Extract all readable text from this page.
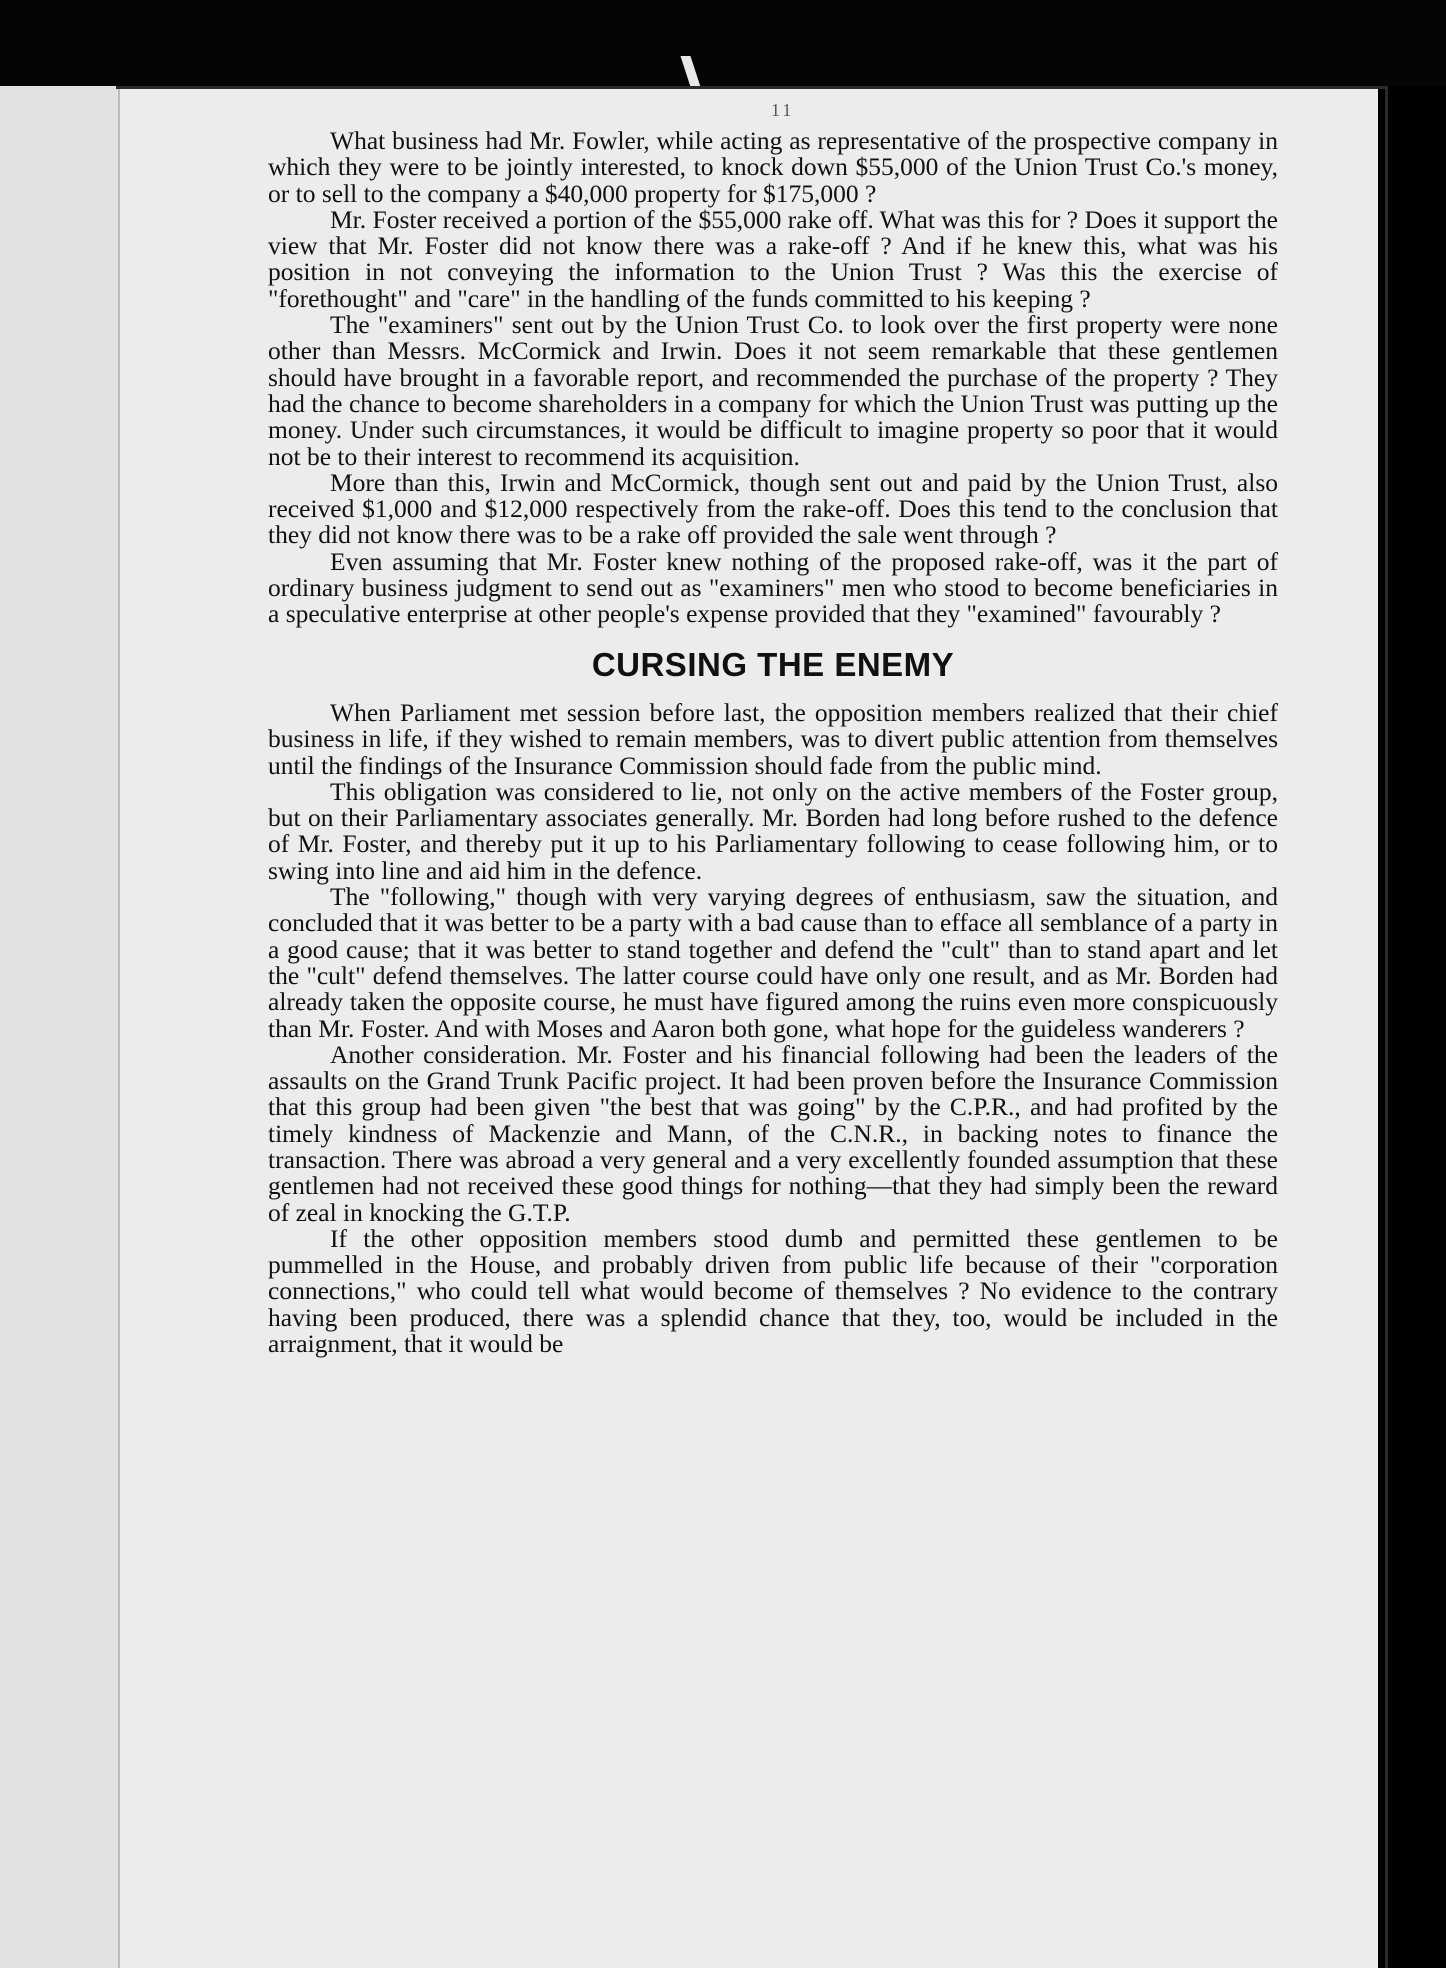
11

What business had Mr. Fowler, while acting as representative of the prospective company in which they were to be jointly interested, to knock down $55,000 of the Union Trust Co.'s money, or to sell to the company a $40,000 property for $175,000 ?

Mr. Foster received a portion of the $55,000 rake off. What was this for ? Does it support the view that Mr. Foster did not know there was a rake-off ? And if he knew this, what was his position in not conveying the information to the Union Trust ? Was this the exercise of "forethought" and "care" in the handling of the funds committed to his keeping ?

The "examiners" sent out by the Union Trust Co. to look over the first property were none other than Messrs. McCormick and Irwin. Does it not seem remarkable that these gentlemen should have brought in a favorable report, and recommended the purchase of the property ? They had the chance to become shareholders in a company for which the Union Trust was putting up the money. Under such circumstances, it would be difficult to imagine property so poor that it would not be to their interest to recommend its acquisition.

More than this, Irwin and McCormick, though sent out and paid by the Union Trust, also received $1,000 and $12,000 respectively from the rake-off. Does this tend to the conclusion that they did not know there was to be a rake off provided the sale went through ?

Even assuming that Mr. Foster knew nothing of the proposed rake-off, was it the part of ordinary business judgment to send out as "examiners" men who stood to become beneficiaries in a speculative enterprise at other people's expense provided that they "examined" favourably ?

CURSING THE ENEMY

When Parliament met session before last, the opposition members realized that their chief business in life, if they wished to remain members, was to divert public attention from themselves until the findings of the Insurance Commission should fade from the public mind.

This obligation was considered to lie, not only on the active members of the Foster group, but on their Parliamentary associates generally. Mr. Borden had long before rushed to the defence of Mr. Foster, and thereby put it up to his Parliamentary following to cease following him, or to swing into line and aid him in the defence.

The "following," though with very varying degrees of enthusiasm, saw the situation, and concluded that it was better to be a party with a bad cause than to efface all semblance of a party in a good cause; that it was better to stand together and defend the "cult" than to stand apart and let the "cult" defend themselves. The latter course could have only one result, and as Mr. Borden had already taken the opposite course, he must have figured among the ruins even more conspicuously than Mr. Foster. And with Moses and Aaron both gone, what hope for the guideless wanderers ?

Another consideration. Mr. Foster and his financial following had been the leaders of the assaults on the Grand Trunk Pacific project. It had been proven before the Insurance Commission that this group had been given "the best that was going" by the C.P.R., and had profited by the timely kindness of Mackenzie and Mann, of the C.N.R., in backing notes to finance the transaction. There was abroad a very general and a very excellently founded assumption that these gentlemen had not received these good things for nothing—that they had simply been the reward of zeal in knocking the G.T.P.

If the other opposition members stood dumb and permitted these gentlemen to be pummelled in the House, and probably driven from public life because of their "corporation connections," who could tell what would become of themselves ? No evidence to the contrary having been produced, there was a splendid chance that they, too, would be included in the arraignment, that it would be
